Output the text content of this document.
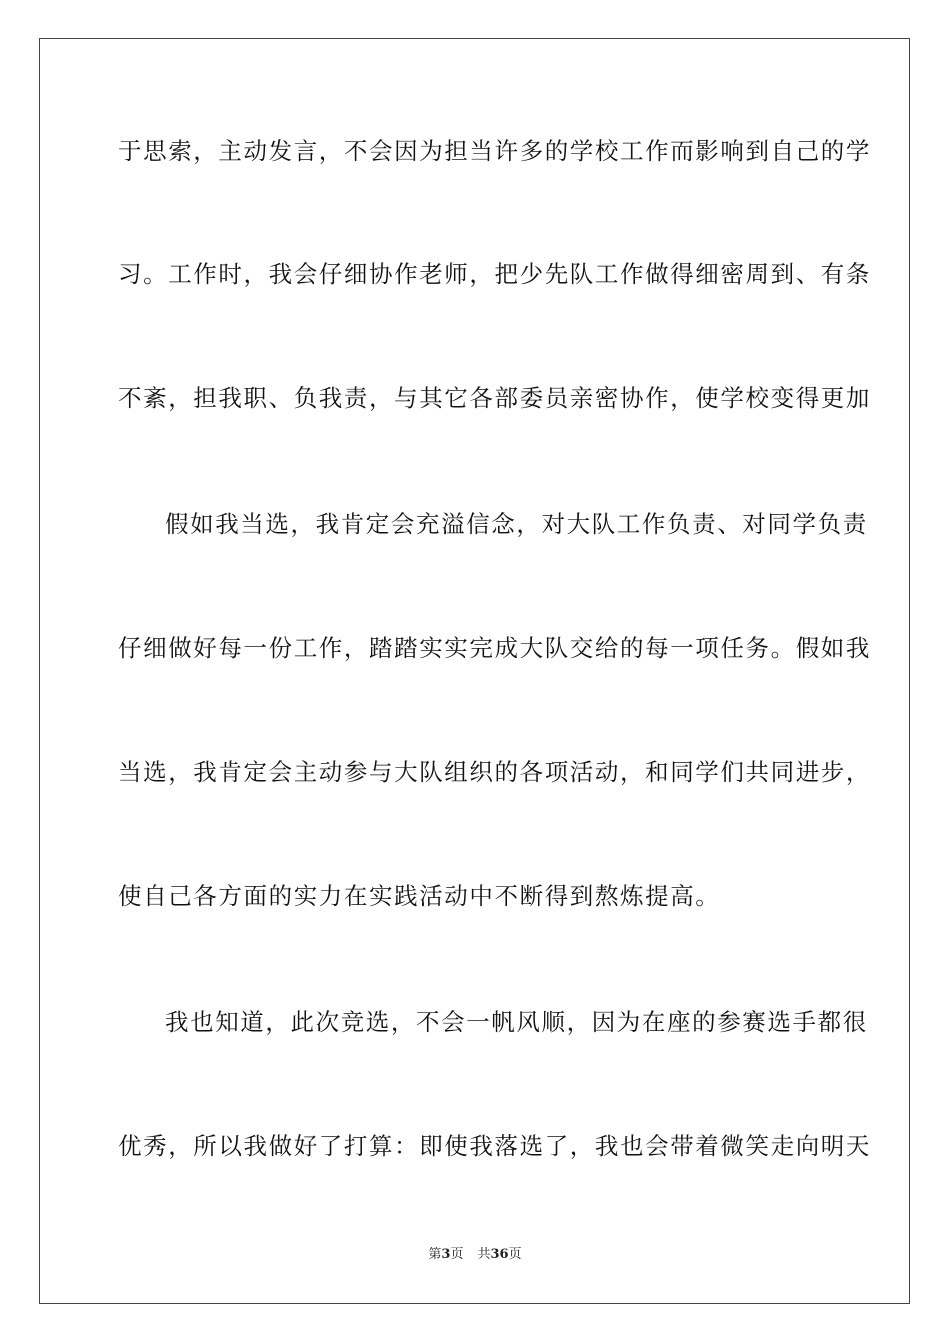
于思索，主动发言，不会因为担当许多的学校工作而影响到自己的学
习。工作时，我会仔细协作老师，把少先队工作做得细密周到、有条
不紊，担我职、负我责，与其它各部委员亲密协作，使学校变得更加
假如我当选，我肯定会充溢信念，对大队工作负责、对同学负责
仔细做好每一份工作，踏踏实实完成大队交给的每一项任务。假如我
当选，我肯定会主动参与大队组织的各项活动，和同学们共同进步，
使自己各方面的实力在实践活动中不断得到熬炼提高。
我也知道，此次竞选，不会一帆风顺，因为在座的参赛选手都很
优秀，所以我做好了打算：即使我落选了，我也会带着微笑走向明天
第3页 共36页
